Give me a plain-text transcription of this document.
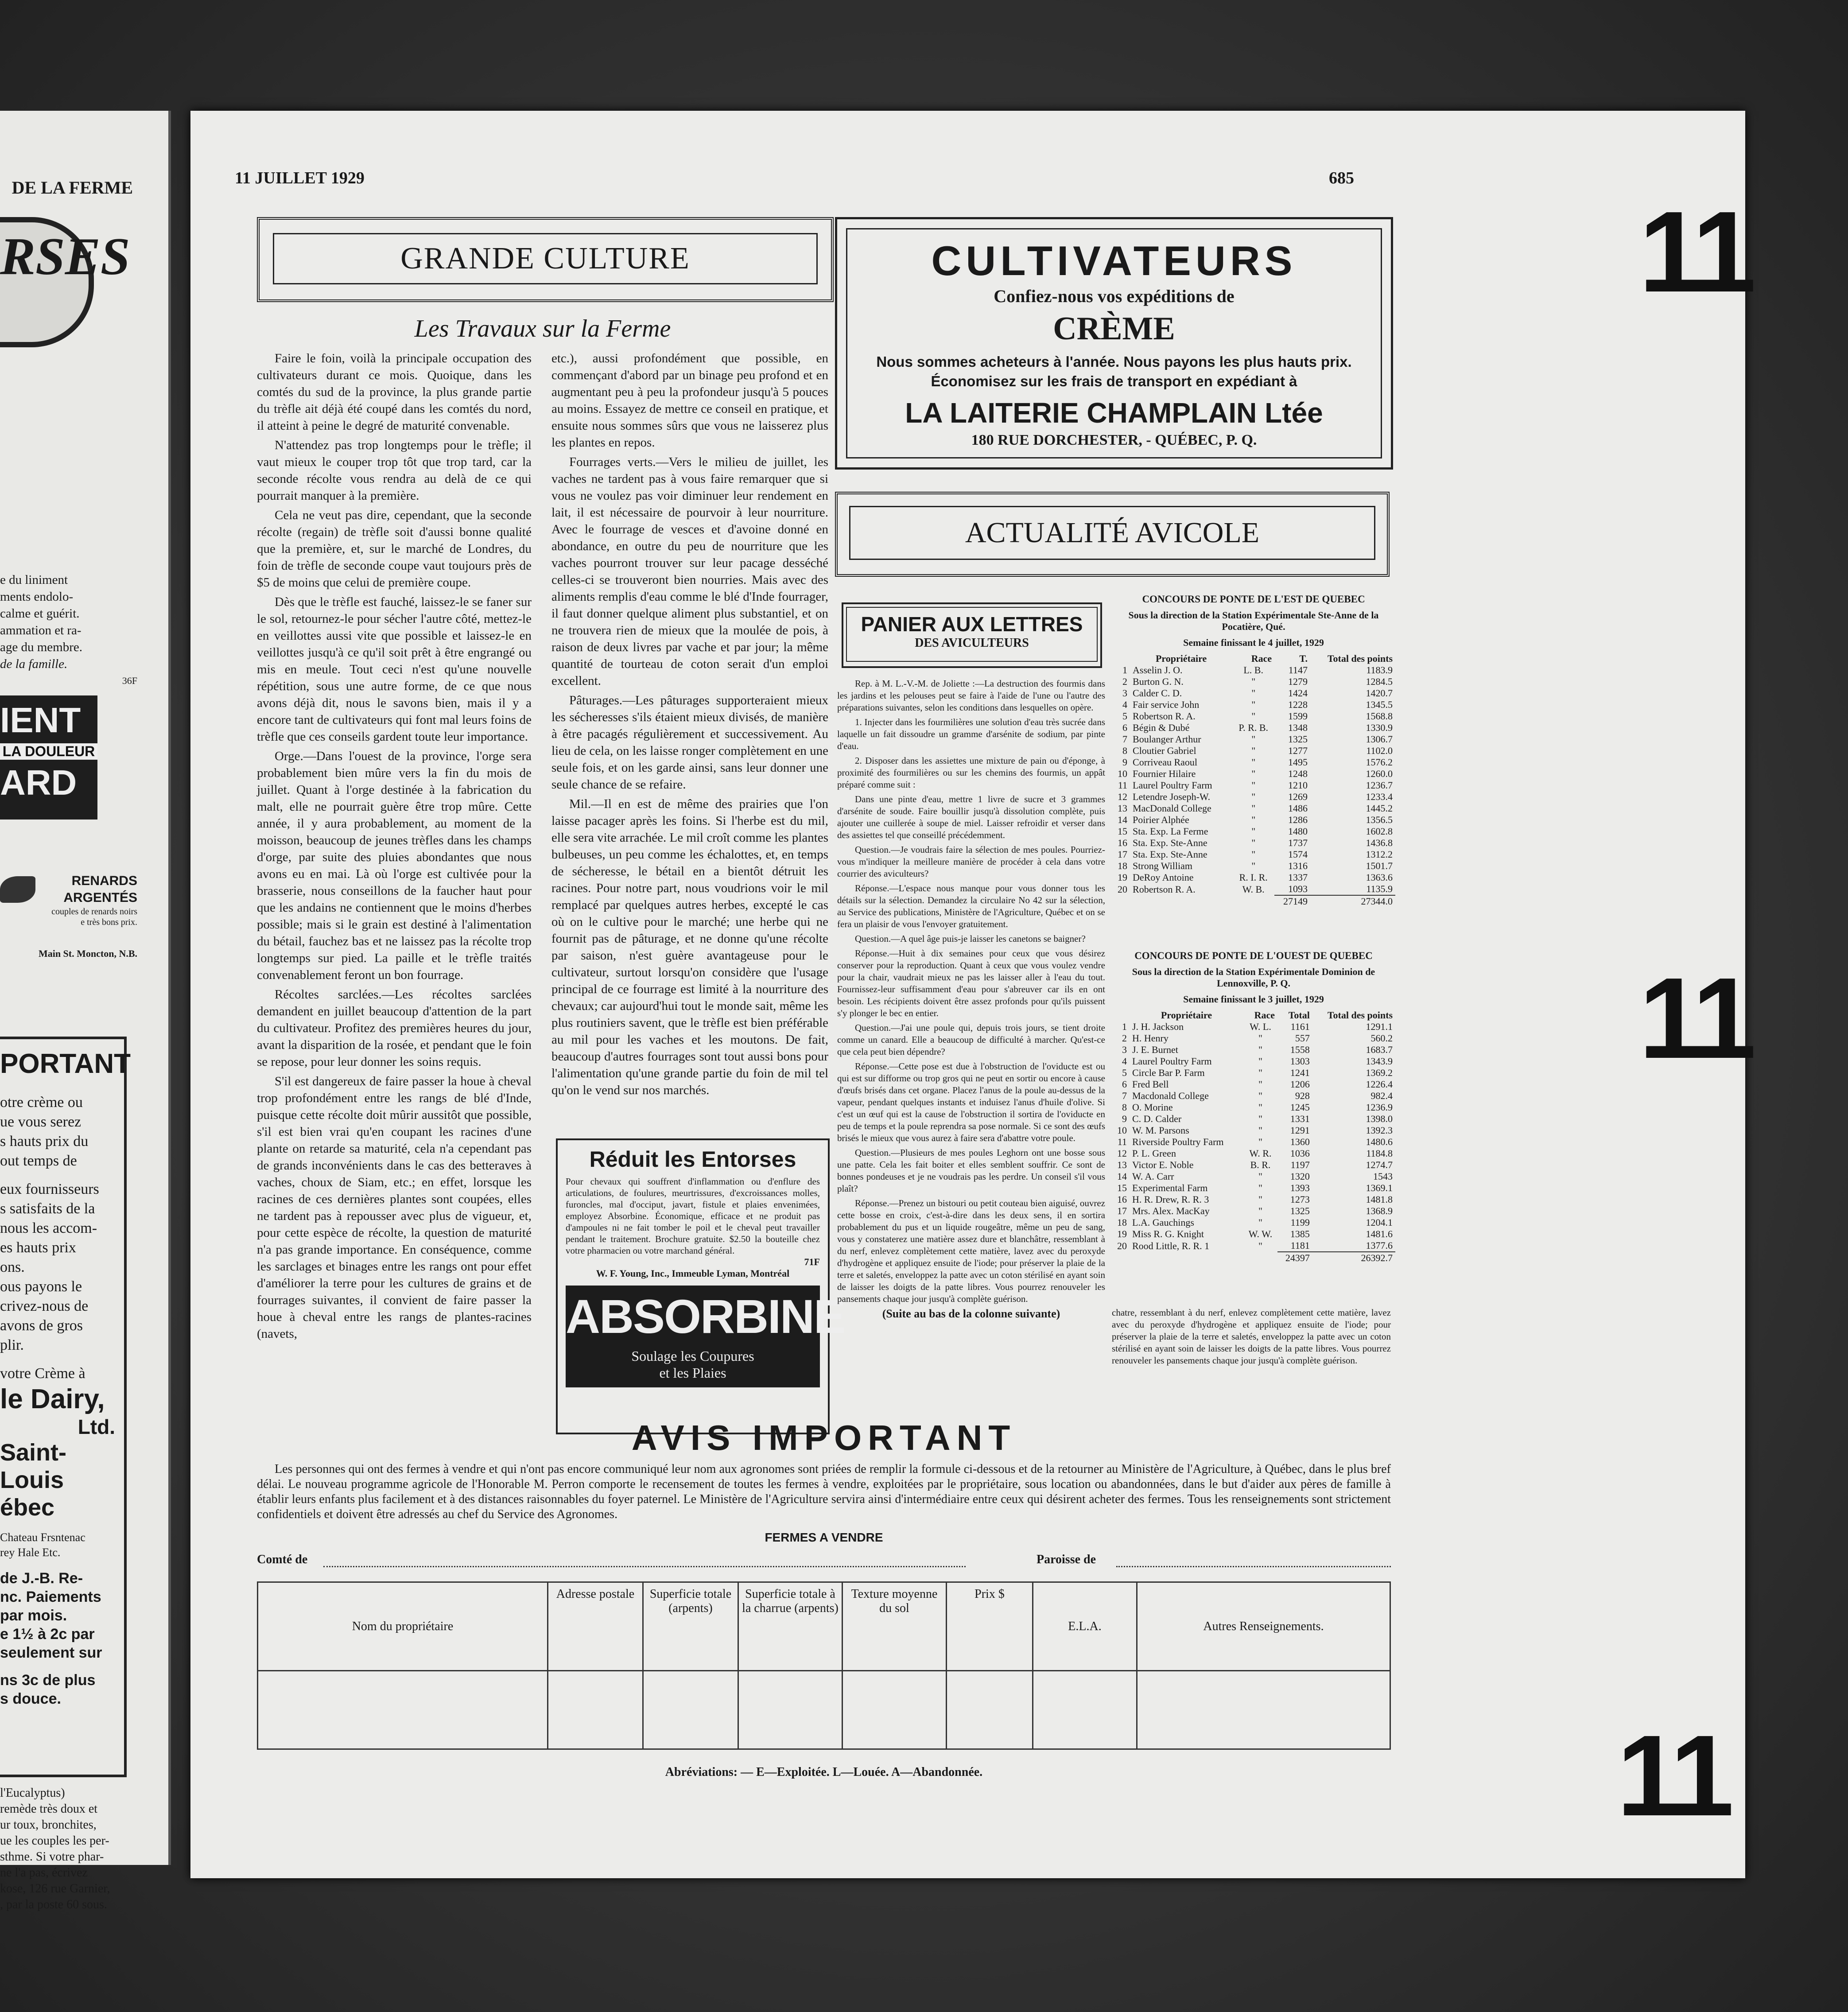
DE LA FERME
RSES
e du liniment
ments endolo-
calme et guérit.
ammation et ra-
age du membre.
de la famille.
36F
IENT
LA DOULEUR
ARD
RENARDS
ARGENTÉS
couples de renards noirs
e très bons prix.
Main St. Moncton, N.B.
PORTANT
otre crème ou
ue vous serez
s hauts prix du
out temps de
eux fournisseurs
s satisfaits de la
nous les accom-
es hauts prix
ons.
ous payons le
crivez-nous de
avons de gros
plir.
votre Crème à
le Dairy,
Ltd.
Saint-Louis
ébec
Chateau Frsntenac
rey Hale Etc.
de J.-B. Re-
nc. Paiements
par mois.
e 1½ à 2c par
seulement sur
ns 3c de plus
s douce.
l'Eucalyptus)
remède très doux et
ur toux, bronchites,
ue les couples les per-
sthme. Si votre phar-
ne l'a pas, écrivez
kose, 126 rue Garnier,
, par la poste 60 sous.
11 JUILLET 1929	685
GRANDE CULTURE
Les Travaux sur la Ferme

Faire le foin, voilà la principale occupation des cultivateurs durant ce mois. Quoique, dans les comtés du sud de la province, la plus grande partie du trèfle ait déjà été coupé dans les comtés du nord, il atteint à peine le degré de maturité convenable.

N'attendez pas trop longtemps pour le trèfle; il vaut mieux le couper trop tôt que trop tard, car la seconde récolte vous rendra au delà de ce qui pourrait manquer à la première.

Cela ne veut pas dire, cependant, que la seconde récolte (regain) de trèfle soit d'aussi bonne qualité que la première, et, sur le marché de Londres, du foin de trèfle de seconde coupe vaut toujours près de $5 de moins que celui de première coupe.

Dès que le trèfle est fauché, laissez-le se faner sur le sol, retournez-le pour sécher l'autre côté, mettez-le en veillottes aussi vite que possible et laissez-le en veillottes jusqu'à ce qu'il soit prêt à être engrangé ou mis en meule. Tout ceci n'est qu'une nouvelle répétition, sous une autre forme, de ce que nous avons déjà dit, nous le savons bien, mais il y a encore tant de cultivateurs qui font mal leurs foins de trèfle que ces conseils gardent toute leur importance.

Orge.—Dans l'ouest de la province, l'orge sera probablement bien mûre vers la fin du mois de juillet. Quant à l'orge destinée à la fabrication du malt, elle ne pourrait guère être trop mûre. Cette année, il y aura probablement, au moment de la moisson, beaucoup de jeunes trèfles dans les champs d'orge, par suite des pluies abondantes que nous avons eu en mai. Là où l'orge est cultivée pour la brasserie, nous conseillons de la faucher haut pour que les andains ne contiennent que le moins d'herbes possible; mais si le grain est destiné à l'alimentation du bétail, fauchez bas et ne laissez pas la récolte trop longtemps sur pied. La paille et le trèfle traités convenablement feront un bon fourrage.

Récoltes sarclées.—Les récoltes sarclées demandent en juillet beaucoup d'attention de la part du cultivateur. Profitez des premières heures du jour, avant la disparition de la rosée, et pendant que le foin se repose, pour leur donner les soins requis.

S'il est dangereux de faire passer la houe à cheval trop profondément entre les rangs de blé d'Inde, puisque cette récolte doit mûrir aussitôt que possible, s'il est bien vrai qu'en coupant les racines d'une plante on retarde sa maturité, cela n'a cependant pas de grands inconvénients dans le cas des betteraves à vaches, choux de Siam, etc.; en effet, lorsque les racines de ces dernières plantes sont coupées, elles ne tardent pas à repousser avec plus de vigueur, et, pour cette espèce de récolte, la question de maturité n'a pas grande importance. En conséquence, comme les sarclages et binages entre les rangs ont pour effet d'améliorer la terre pour les cultures de grains et de fourrages suivantes, il convient de faire passer la houe à cheval entre les rangs de plantes-racines (navets,

etc.), aussi profondément que possible, en commençant d'abord par un binage peu profond et en augmentant peu à peu la profondeur jusqu'à 5 pouces au moins. Essayez de mettre ce conseil en pratique, et ensuite nous sommes sûrs que vous ne laisserez plus les plantes en repos.

Fourrages verts.—Vers le milieu de juillet, les vaches ne tardent pas à vous faire remarquer que si vous ne voulez pas voir diminuer leur rendement en lait, il est nécessaire de pourvoir à leur nourriture. Avec le fourrage de vesces et d'avoine donné en abondance, en outre du peu de nourriture que les vaches pourront trouver sur leur pacage desséché celles-ci se trouveront bien nourries. Mais avec des aliments remplis d'eau comme le blé d'Inde fourrager, il faut donner quelque aliment plus substantiel, et on ne trouvera rien de mieux que la moulée de pois, à raison de deux livres par vache et par jour; la même quantité de tourteau de coton serait d'un emploi excellent.

Pâturages.—Les pâturages supporteraient mieux les sécheresses s'ils étaient mieux divisés, de manière à être pacagés régulièrement et successivement. Au lieu de cela, on les laisse ronger complètement en une seule fois, et on les garde ainsi, sans leur donner une seule chance de se refaire.

Mil.—Il en est de même des prairies que l'on laisse pacager après les foins. Si l'herbe est du mil, elle sera vite arrachée. Le mil croît comme les plantes bulbeuses, un peu comme les échalottes, et, en temps de sécheresse, le bétail en a bientôt détruit les racines. Pour notre part, nous voudrions voir le mil remplacé par quelques autres herbes, excepté le cas où on le cultive pour le marché; une herbe qui ne fournit pas de pâturage, et ne donne qu'une récolte par saison, n'est guère avantageuse pour le cultivateur, surtout lorsqu'on considère que l'usage principal de ce fourrage est limité à la nourriture des chevaux; car aujourd'hui tout le monde sait, même les plus routiniers savent, que le trèfle est bien préférable au mil pour les vaches et les moutons. De fait, beaucoup d'autres fourrages sont tout aussi bons pour l'alimentation qu'une grande partie du foin de mil tel qu'on le vend sur nos marchés.

Réduit les Entorses
Pour chevaux qui souffrent d'inflammation ou d'enflure des articulations, de foulures, meurtrissures, d'excroissances molles, furoncles, mal d'occiput, javart, fistule et plaies envenimées, employez Absorbine. Économique, efficace et ne produit pas d'ampoules ni ne fait tomber le poil et le cheval peut travailler pendant le traitement. Brochure gratuite. $2.50 la bouteille chez votre pharmacien ou votre marchand général.
71F
W. F. Young, Inc., Immeuble Lyman, Montréal
ABSORBINE
Soulage les Coupures
et les Plaies
CULTIVATEURS
Confiez-nous vos expéditions de
CRÈME
Nous sommes acheteurs à l'année. Nous payons les plus hauts prix. Économisez sur les frais de transport en expédiant à
LA LAITERIE CHAMPLAIN Ltée
180 RUE DORCHESTER, - QUÉBEC, P. Q.
ACTUALITÉ AVICOLE
PANIER AUX LETTRES
DES AVICULTEURS

Rep. à M. L.-V.-M. de Joliette :—La destruction des fourmis dans les jardins et les pelouses peut se faire à l'aide de l'une ou l'autre des préparations suivantes, selon les conditions dans lesquelles on opère.

1. Injecter dans les fourmilières une solution d'eau très sucrée dans laquelle un fait dissoudre un gramme d'arsénite de sodium, par pinte d'eau.

2. Disposer dans les assiettes une mixture de pain ou d'éponge, à proximité des fourmilières ou sur les chemins des fourmis, un appât préparé comme suit :

Dans une pinte d'eau, mettre 1 livre de sucre et 3 grammes d'arsénite de soude. Faire bouillir jusqu'à dissolution complète, puis ajouter une cuillerée à soupe de miel. Laisser refroidir et verser dans des assiettes tel que conseillé précédemment.

Question.—Je voudrais faire la sélection de mes poules. Pourriez-vous m'indiquer la meilleure manière de procéder à cela dans votre courrier des aviculteurs?

Réponse.—L'espace nous manque pour vous donner tous les détails sur la sélection. Demandez la circulaire No 42 sur la sélection, au Service des publications, Ministère de l'Agriculture, Québec et on se fera un plaisir de vous l'envoyer gratuitement.

Question.—A quel âge puis-je laisser les canetons se baigner?

Réponse.—Huit à dix semaines pour ceux que vous désirez conserver pour la reproduction. Quant à ceux que vous voulez vendre pour la chair, vaudrait mieux ne pas les laisser aller à l'eau du tout. Fournissez-leur suffisamment d'eau pour s'abreuver car ils en ont besoin. Les récipients doivent être assez profonds pour qu'ils puissent s'y plonger le bec en entier.

Question.—J'ai une poule qui, depuis trois jours, se tient droite comme un canard. Elle a beaucoup de difficulté à marcher. Qu'est-ce que cela peut bien dépendre?

Réponse.—Cette pose est due à l'obstruction de l'oviducte est ou qui est sur difforme ou trop gros qui ne peut en sortir ou encore à cause d'œufs brisés dans cet organe. Placez l'anus de la poule au-dessus de la vapeur, pendant quelques instants et induisez l'anus d'huile d'olive. Si c'est un œuf qui est la cause de l'obstruction il sortira de l'oviducte en peu de temps et la poule reprendra sa pose normale. Si ce sont des œufs brisés le mieux que vous aurez à faire sera d'abattre votre poule.

Question.—Plusieurs de mes poules Leghorn ont une bosse sous une patte. Cela les fait boiter et elles semblent souffrir. Ce sont de bonnes pondeuses et je ne voudrais pas les perdre. Un conseil s'il vous plaît?

Réponse.—Prenez un bistouri ou petit couteau bien aiguisé, ouvrez cette bosse en croix, c'est-à-dire dans les deux sens, il en sortira probablement du pus et un liquide rougeâtre, même un peu de sang, vous y constaterez une matière assez dure et blanchâtre, ressemblant à du nerf, enlevez complètement cette matière, lavez avec du peroxyde d'hydrogène et appliquez ensuite de l'iode; pour préserver la plaie de la terre et saletés, enveloppez la patte avec un coton stérilisé en ayant soin de laisser les doigts de la patte libres. Vous pourrez renouveler les pansements chaque jour jusqu'à complète guérison.

(Suite au bas de la colonne suivante)

CONCOURS DE PONTE DE L'EST DE QUEBEC
Sous la direction de la Station Expérimentale Ste-Anne de la Pocatière, Qué.
Semaine finissant le 4 juillet, 1929
	Propriétaire	Race	T.	Total des points
1	Asselin J. O.	L. B.	1147	1183.9
2	Burton G. N.	"	1279	1284.5
3	Calder C. D.	"	1424	1420.7
4	Fair service John	"	1228	1345.5
5	Robertson R. A.	"	1599	1568.8
6	Bégin & Dubé	P. R. B.	1348	1330.9
7	Boulanger Arthur	"	1325	1306.7
8	Cloutier Gabriel	"	1277	1102.0
9	Corriveau Raoul	"	1495	1576.2
10	Fournier Hilaire	"	1248	1260.0
11	Laurel Poultry Farm	"	1210	1236.7
12	Letendre Joseph-W.	"	1269	1233.4
13	MacDonald College	"	1486	1445.2
14	Poirier Alphée	"	1286	1356.5
15	Sta. Exp. La Ferme	"	1480	1602.8
16	Sta. Exp. Ste-Anne	"	1737	1436.8
17	Sta. Exp. Ste-Anne	"	1574	1312.2
18	Strong William	"	1316	1501.7
19	DeRoy Antoine	R. I. R.	1337	1363.6
20	Robertson R. A.	W. B.	1093	1135.9
			27149	27344.0
CONCOURS DE PONTE DE L'OUEST DE QUEBEC
Sous la direction de la Station Expérimentale Dominion de Lennoxville, P. Q.
Semaine finissant le 3 juillet, 1929
	Propriétaire	Race	Total	Total des points
1	J. H. Jackson	W. L.	1161	1291.1
2	H. Henry	"	557	560.2
3	J. E. Burnet	"	1558	1683.7
4	Laurel Poultry Farm	"	1303	1343.9
5	Circle Bar P. Farm	"	1241	1369.2
6	Fred Bell	"	1206	1226.4
7	Macdonald College	"	928	982.4
8	O. Morine	"	1245	1236.9
9	C. D. Calder	"	1331	1398.0
10	W. M. Parsons	"	1291	1392.3
11	Riverside Poultry Farm	"	1360	1480.6
12	P. L. Green	W. R.	1036	1184.8
13	Victor E. Noble	B. R.	1197	1274.7
14	W. A. Carr	"	1320	1543
15	Experimental Farm	"	1393	1369.1
16	H. R. Drew, R. R. 3	"	1273	1481.8
17	Mrs. Alex. MacKay	"	1325	1368.9
18	L.A. Gauchings	"	1199	1204.1
19	Miss R. G. Knight	W. W.	1385	1481.6
20	Rood Little, R. R. 1	"	1181	1377.6
			24397	26392.7

chatre, ressemblant à du nerf, enlevez complètement cette matière, lavez avec du peroxyde d'hydrogène et appliquez ensuite de l'iode; pour préserver la plaie de la terre et saletés, enveloppez la patte avec un coton stérilisé en ayant soin de laisser les doigts de la patte libres. Vous pourrez renouveler les pansements chaque jour jusqu'à complète guérison.

AVIS IMPORTANT

Les personnes qui ont des fermes à vendre et qui n'ont pas encore communiqué leur nom aux agronomes sont priées de remplir la formule ci-dessous et de la retourner au Ministère de l'Agriculture, à Québec, dans le plus bref délai. Le nouveau programme agricole de l'Honorable M. Perron comporte le recensement de toutes les fermes à vendre, exploitées par le propriétaire, sous location ou abandonnées, dans le but d'aider aux pères de famille à établir leurs enfants plus facilement et à des distances raisonnables du foyer paternel. Le Ministère de l'Agriculture servira ainsi d'intermédiaire entre ceux qui désirent acheter des fermes. Tous les renseignements sont strictement confidentiels et doivent être adressés au chef du Service des Agronomes.

FERMES A VENDRE
Comté de	Paroisse de
Nom du propriétaire	Adresse postale	Superficie totale (arpents)	Superficie totale à la charrue (arpents)	Texture moyenne du sol	Prix $	E.L.A.	Autres Renseignements.

Abréviations: — E—Exploitée. L—Louée. A—Abandonnée.
11
11
11
